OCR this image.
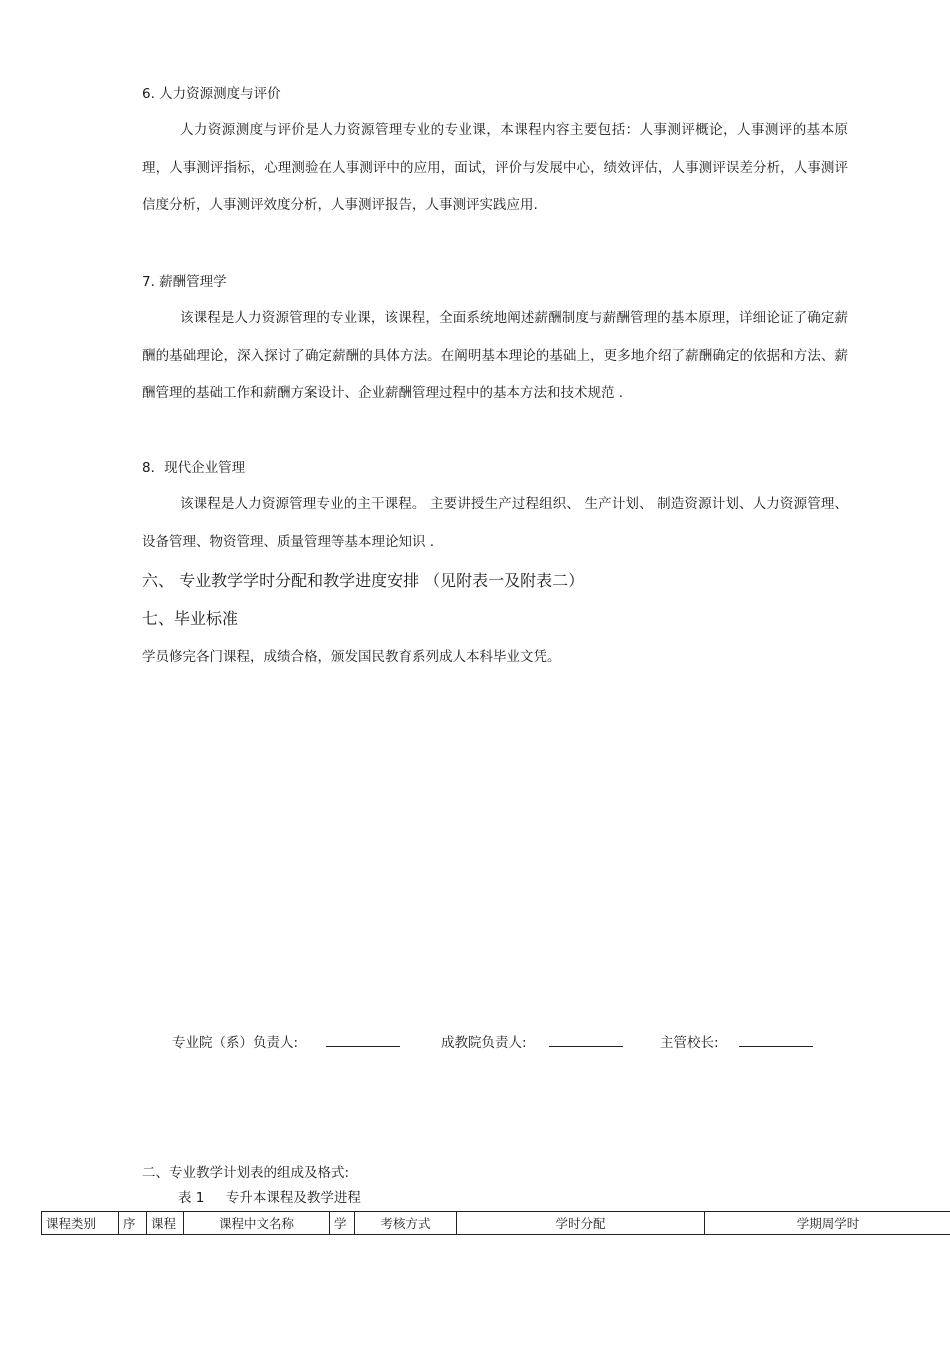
6. 人力资源测度与评价

人力资源测度与评价是人力资源管理专业的专业课，本课程内容主要包括：人事测评概论，人事测评的基本原理，人事测评指标，心理测验在人事测评中的应用，面试，评价与发展中心，绩效评估，人事测评误差分析，人事测评信度分析，人事测评效度分析，人事测评报告，人事测评实践应用.

7. 薪酬管理学

该课程是人力资源管理的专业课，该课程，全面系统地阐述薪酬制度与薪酬管理的基本原理，详细论证了确定薪酬的基础理论，深入探讨了确定薪酬的具体方法。在阐明基本理论的基础上，更多地介绍了薪酬确定的依据和方法、薪酬管理的基础工作和薪酬方案设计、企业薪酬管理过程中的基本方法和技术规范 .

8．现代企业管理

该课程是人力资源管理专业的主干课程。 主要讲授生产过程组织、 生产计划、 制造资源计划、人力资源管理、设备管理、物资管理、质量管理等基本理论知识 .

六、 专业教学学时分配和教学进度安排 （见附表一及附表二）
七、毕业标准
学员修完各门课程，成绩合格，颁发国民教育系列成人本科毕业文凭。
专业院（系）负责人:	成教院负责人:	主管校长:
二、专业教学计划表的组成及格式:
表 1     专升本课程及教学进程
课程类别	序	课程	课程中文名称	学	考核方式	学时分配	学期周学时
